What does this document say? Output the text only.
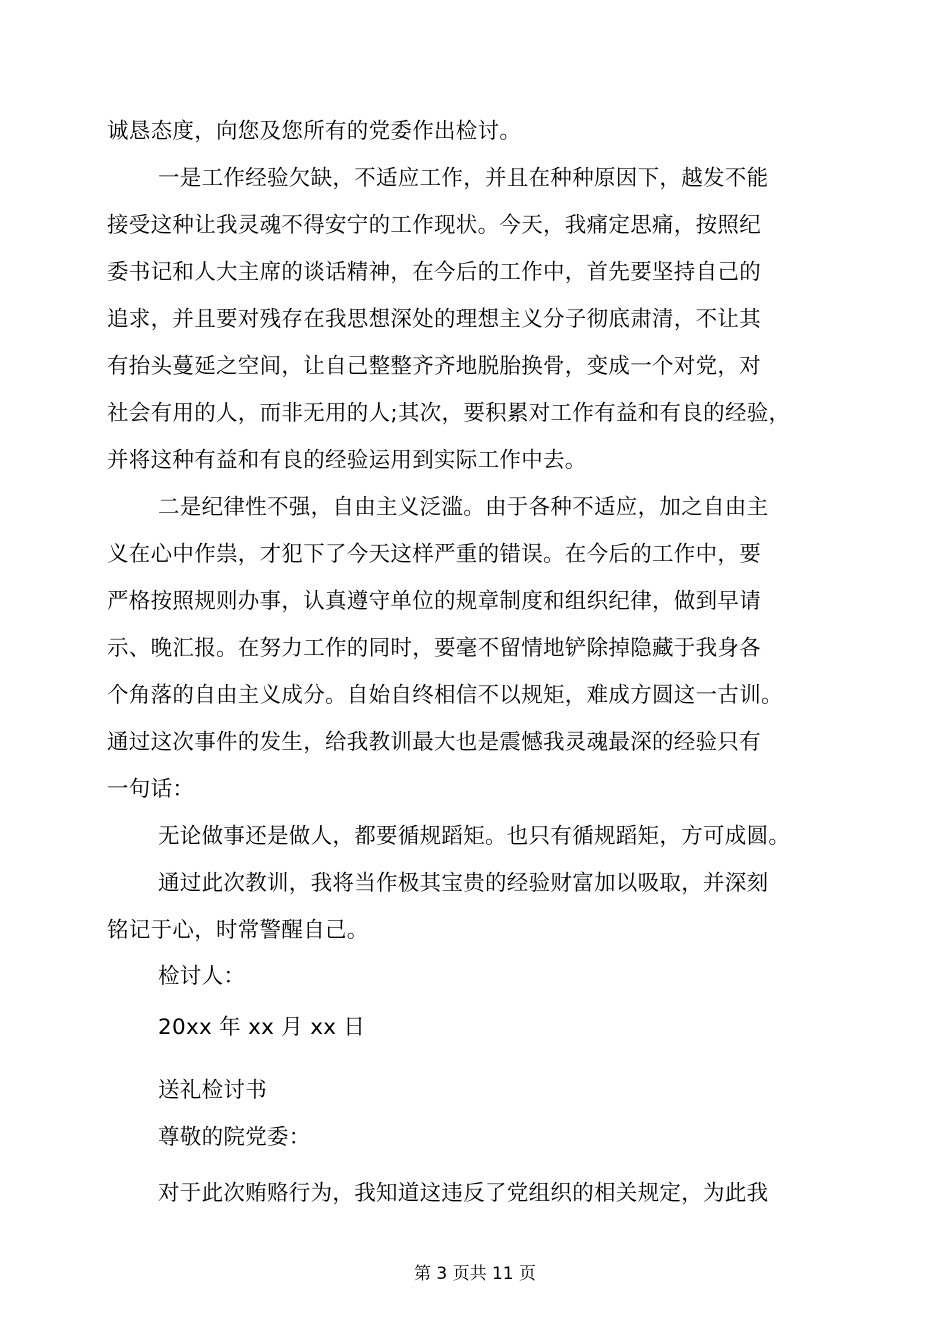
诚恳态度，向您及您所有的党委作出检讨。
一是工作经验欠缺，不适应工作，并且在种种原因下，越发不能
接受这种让我灵魂不得安宁的工作现状。今天，我痛定思痛，按照纪
委书记和人大主席的谈话精神，在今后的工作中，首先要坚持自己的
追求，并且要对残存在我思想深处的理想主义分子彻底肃清，不让其
有抬头蔓延之空间，让自己整整齐齐地脱胎换骨，变成一个对党，对
社会有用的人，而非无用的人;其次，要积累对工作有益和有良的经验，
并将这种有益和有良的经验运用到实际工作中去。
二是纪律性不强，自由主义泛滥。由于各种不适应，加之自由主
义在心中作祟，才犯下了今天这样严重的错误。在今后的工作中，要
严格按照规则办事，认真遵守单位的规章制度和组织纪律，做到早请
示、晚汇报。在努力工作的同时，要毫不留情地铲除掉隐藏于我身各
个角落的自由主义成分。自始自终相信不以规矩，难成方圆这一古训。
通过这次事件的发生，给我教训最大也是震憾我灵魂最深的经验只有
一句话：
无论做事还是做人，都要循规蹈矩。也只有循规蹈矩，方可成圆。
通过此次教训，我将当作极其宝贵的经验财富加以吸取，并深刻
铭记于心，时常警醒自己。
检讨人：
20xx 年 xx 月 xx 日
送礼检讨书
尊敬的院党委：
对于此次贿赂行为，我知道这违反了党组织的相关规定，为此我
第 3 页共 11 页
